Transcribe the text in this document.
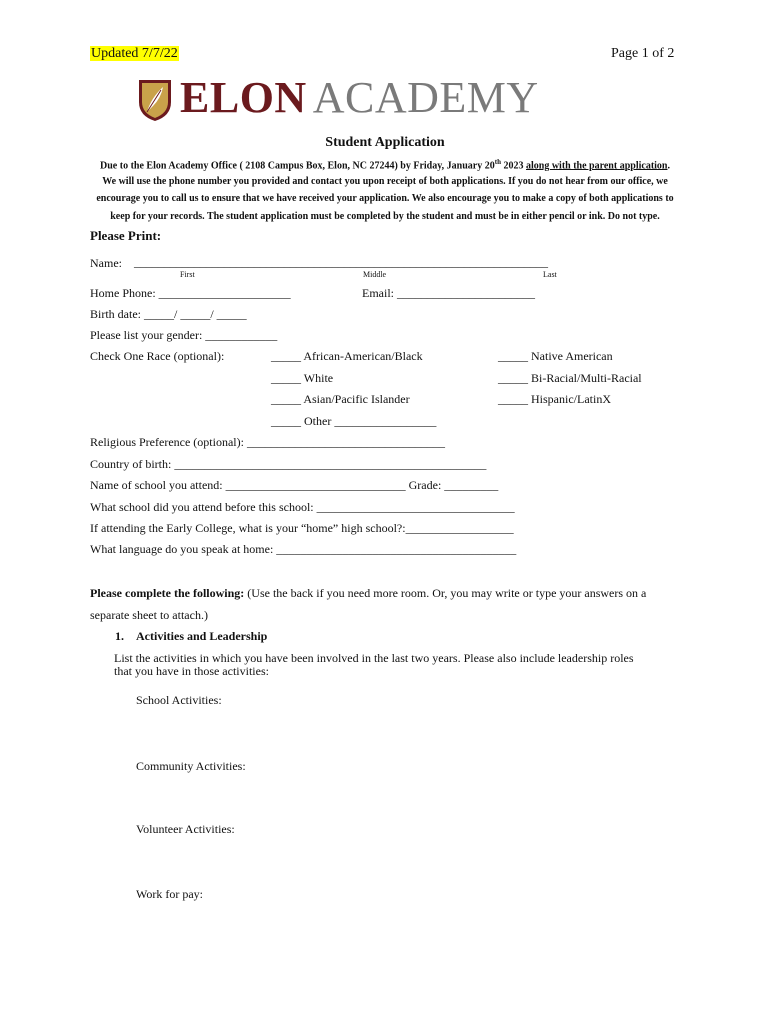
Updated 7/7/22	Page 1 of 2
ELON ACADEMY
Student Application
Due to the Elon Academy Office ( 2108 Campus Box, Elon, NC 27244) by Friday, January 20th 2023 along with the parent application.
We will use the phone number you provided and contact you upon receipt of both applications. If you do not hear from our office, we
encourage you to call us to ensure that we have received your application. We also encourage you to make a copy of both applications to
keep for your records. The student application must be completed by the student and must be in either pencil or ink. Do not type.
Please Print:
Name: _____________________________________________________________________
First	Middle	Last
Home Phone: ______________________	Email: _______________________
Birth date: _____/ _____/ _____
Please list your gender: ____________
Check One Race (optional):	_____ African-American/Black	_____ Native American
_____ White	_____ Bi-Racial/Multi-Racial
_____ Asian/Pacific Islander	_____ Hispanic/LatinX
_____ Other _________________
Religious Preference (optional): _________________________________
Country of birth: ____________________________________________________
Name of school you attend: ______________________________ Grade: _________
What school did you attend before this school: _________________________________
If attending the Early College, what is your “home” high school?:__________________
What language do you speak at home: ________________________________________
Please complete the following: (Use the back if you need more room. Or, you may write or type your answers on a
separate sheet to attach.)
1. Activities and Leadership
List the activities in which you have been involved in the last two years. Please also include leadership roles
that you have in those activities:
School Activities:
Community Activities:
Volunteer Activities:
Work for pay:
